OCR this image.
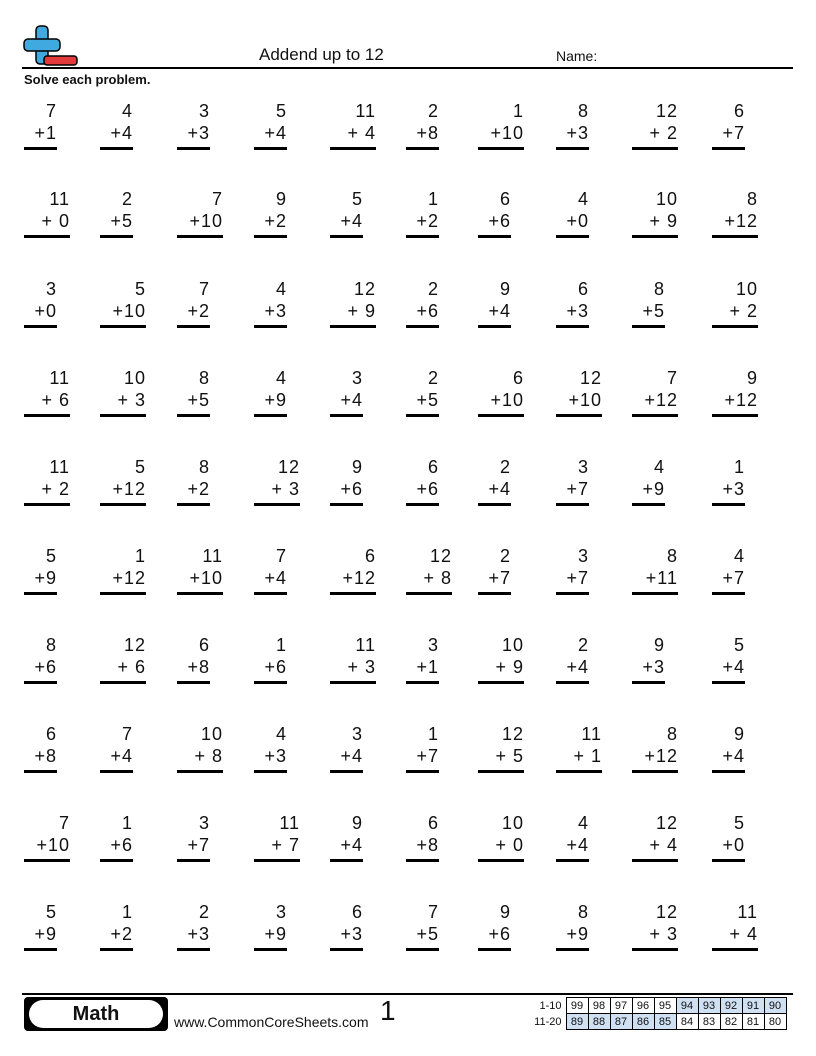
Addend up to 12	Name:
Solve each problem.
7
+1
4
+4
3
+3
5
+4
11
+ 4
2
+8
1
+10
8
+3
12
+ 2
6
+7
11
+ 0
2
+5
7
+10
9
+2
5
+4
1
+2
6
+6
4
+0
10
+ 9
8
+12
3
+0
5
+10
7
+2
4
+3
12
+ 9
2
+6
9
+4
6
+3
8
+5
10
+ 2
11
+ 6
10
+ 3
8
+5
4
+9
3
+4
2
+5
6
+10
12
+10
7
+12
9
+12
11
+ 2
5
+12
8
+2
12
+ 3
9
+6
6
+6
2
+4
3
+7
4
+9
1
+3
5
+9
1
+12
11
+10
7
+4
6
+12
12
+ 8
2
+7
3
+7
8
+11
4
+7
8
+6
12
+ 6
6
+8
1
+6
11
+ 3
3
+1
10
+ 9
2
+4
9
+3
5
+4
6
+8
7
+4
10
+ 8
4
+3
3
+4
1
+7
12
+ 5
11
+ 1
8
+12
9
+4
7
+10
1
+6
3
+7
11
+ 7
9
+4
6
+8
10
+ 0
4
+4
12
+ 4
5
+0
5
+9
1
+2
2
+3
3
+9
6
+3
7
+5
9
+6
8
+9
12
+ 3
11
+ 4
Math	www.CommonCoreSheets.com 1	1-10	99	98	97	96	95	94	93	92	91	90
11-20	89	88	87	86	85	84	83	82	81	80
